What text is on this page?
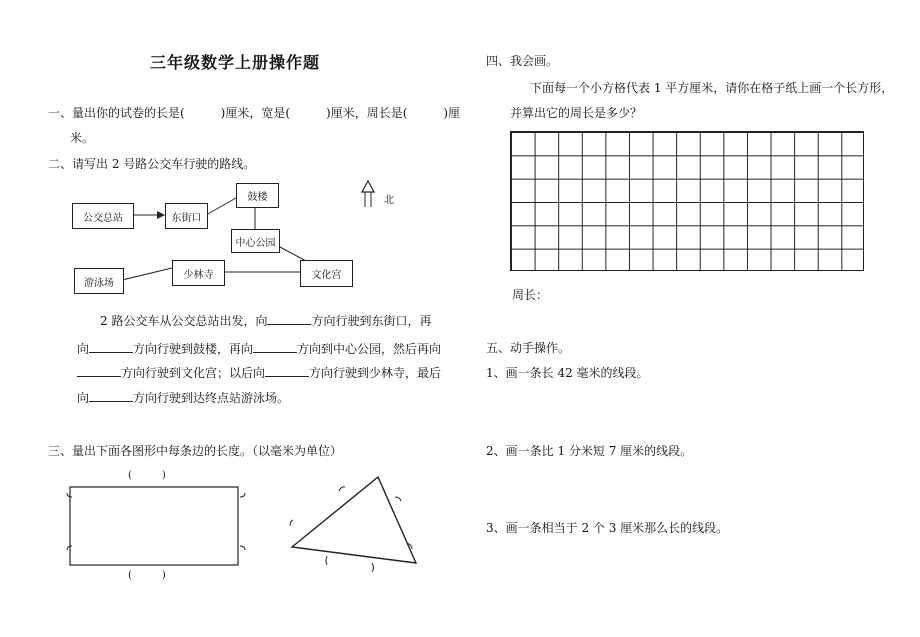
三年级数学上册操作题
一、量出你的试卷的长是(　　　)厘米，宽是(　　　)厘米，周长是(　　　)厘
米。
二、请写出 2 号路公交车行驶的路线。
北
公交总站	东街口
鼓楼
中心公园
少林寺	文化宫
游泳场
2 路公交车从公交总站出发，向	方向行驶到东街口，再
向	方向行驶到鼓楼，再向	方向到中心公园，然后再向
方向行驶到文化宫；以后向	方向行驶到少林寺，最后
向	方向行驶到达终点站游泳场。
三、量出下面各图形中每条边的长度。（以毫米为单位）
(　　　)
(　　　)
四、我会画。
下面每一个小方格代表 1 平方厘米，请你在格子纸上画一个长方形，
并算出它的周长是多少？
周长：
五、动手操作。
1、画一条长 42 毫米的线段。
2、画一条比 1 分米短 7 厘米的线段。
3、画一条相当于 2 个 3 厘米那么长的线段。
